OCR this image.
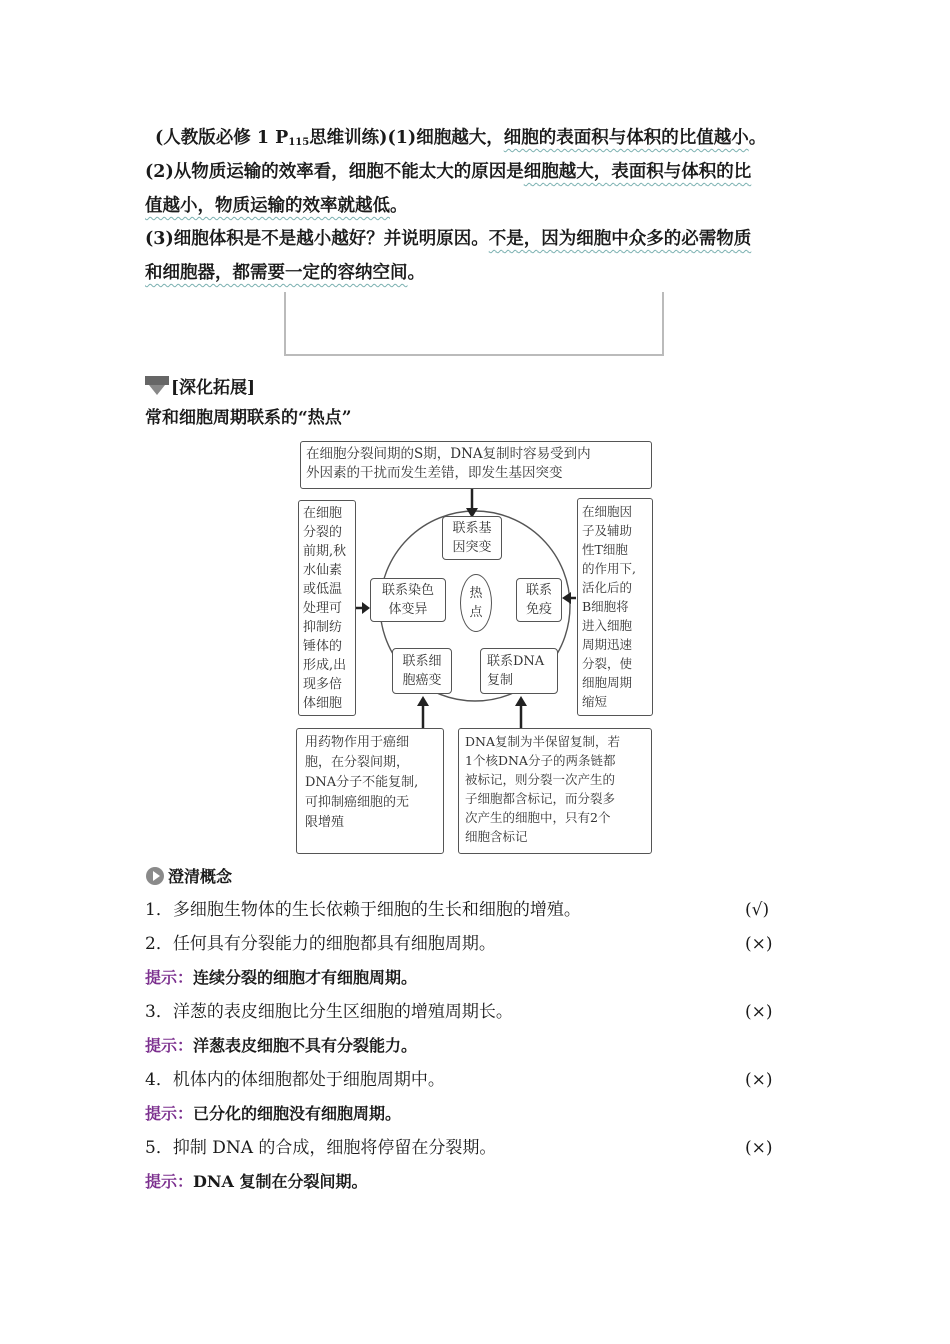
(人教版必修 1 $P_{115}$思维训练)(1)细胞越大，细胞的表面积与体积的比值越小。
(2)从物质运输的效率看，细胞不能太大的原因是细胞越大，表面积与体积的比
值越小，物质运输的效率就越低。
(3)细胞体积是不是越小越好？并说明原因。不是，因为细胞中众多的必需物质
和细胞器，都需要一定的容纳空间。
[深化拓展]
常和细胞周期联系的“热点”
在细胞分裂间期的S期，DNA复制时容易受到内
外因素的干扰而发生差错，即发生基因突变
在细胞
分裂的
前期,秋
水仙素
或低温
处理可
抑制纺
锤体的
形成,出
现多倍
体细胞
在细胞因
子及辅助
性T细胞
的作用下,
活化后的
B细胞将
进入细胞
周期迅速
分裂，使
细胞周期
缩短
联系基
因突变
联系染色
体变异
热
点
联系
免疫
联系细
胞癌变
联系DNA
复制
用药物作用于癌细
胞，在分裂间期，
DNA分子不能复制,
可抑制癌细胞的无
限增殖
DNA复制为半保留复制，若
1个核DNA分子的两条链都
被标记，则分裂一次产生的
子细胞都含标记，而分裂多
次产生的细胞中，只有2个
细胞含标记
澄清概念
1．多细胞生物体的生长依赖于细胞的生长和细胞的增殖。	(√)
2．任何具有分裂能力的细胞都具有细胞周期。	(×)
提示：连续分裂的细胞才有细胞周期。
3．洋葱的表皮细胞比分生区细胞的增殖周期长。	(×)
提示：洋葱表皮细胞不具有分裂能力。
4．机体内的体细胞都处于细胞周期中。	(×)
提示：已分化的细胞没有细胞周期。
5．抑制 DNA 的合成，细胞将停留在分裂期。	(×)
提示：DNA 复制在分裂间期。
